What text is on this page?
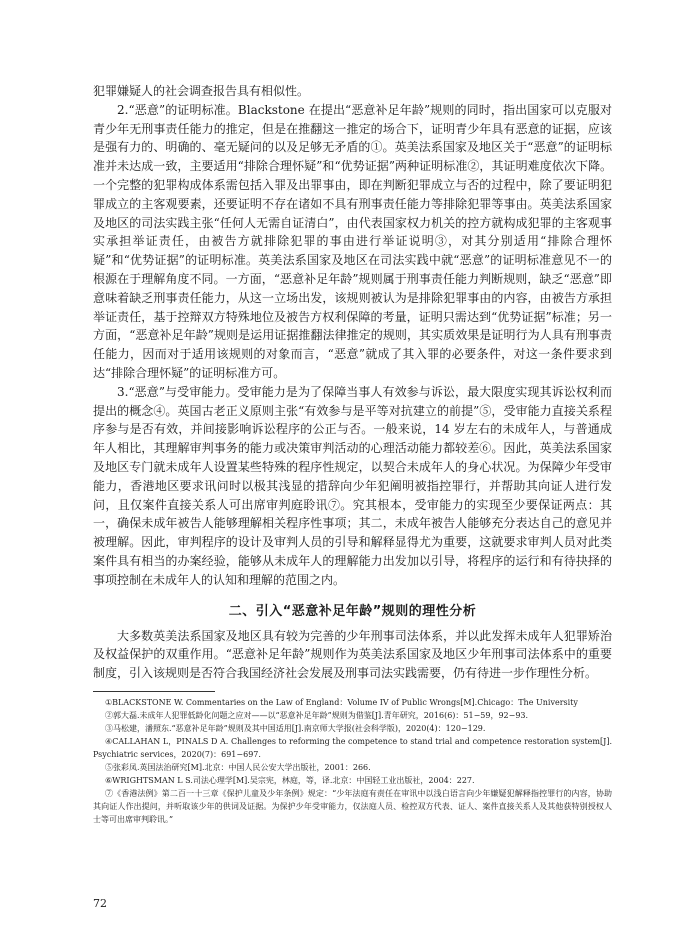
犯罪嫌疑人的社会调查报告具有相似性。

2.“恶意”的证明标准。Blackstone 在提出“恶意补足年龄”规则的同时，指出国家可以克服对青少年无刑事责任能力的推定，但是在推翻这一推定的场合下，证明青少年具有恶意的证据，应该是强有力的、明确的、毫无疑问的以及足够无矛盾的①。英美法系国家及地区关于“恶意”的证明标准并未达成一致，主要适用“排除合理怀疑”和“优势证据”两种证明标准②，其证明难度依次下降。一个完整的犯罪构成体系需包括入罪及出罪事由，即在判断犯罪成立与否的过程中，除了要证明犯罪成立的主客观要素，还要证明不存在诸如不具有刑事责任能力等排除犯罪等事由。英美法系国家及地区的司法实践主张“任何人无需自证清白”，由代表国家权力机关的控方就构成犯罪的主客观事实承担举证责任，由被告方就排除犯罪的事由进行举证说明③，对其分别适用“排除合理怀疑”和“优势证据”的证明标准。英美法系国家及地区在司法实践中就“恶意”的证明标准意见不一的根源在于理解角度不同。一方面，“恶意补足年龄”规则属于刑事责任能力判断规则，缺乏“恶意”即意味着缺乏刑事责任能力，从这一立场出发，该规则被认为是排除犯罪事由的内容，由被告方承担举证责任，基于控辩双方特殊地位及被告方权利保障的考量，证明只需达到“优势证据”标准；另一方面，“恶意补足年龄”规则是运用证据推翻法律推定的规则，其实质效果是证明行为人具有刑事责任能力，因而对于适用该规则的对象而言，“恶意”就成了其入罪的必要条件，对这一条件要求到达“排除合理怀疑”的证明标准方可。

3.“恶意”与受审能力。受审能力是为了保障当事人有效参与诉讼，最大限度实现其诉讼权利而提出的概念④。英国古老正义原则主张“有效参与是平等对抗建立的前提”⑤，受审能力直接关系程序参与是否有效，并间接影响诉讼程序的公正与否。一般来说，14 岁左右的未成年人，与普通成年人相比，其理解审判事务的能力或决策审判活动的心理活动能力都较差⑥。因此，英美法系国家及地区专门就未成年人设置某些特殊的程序性规定，以契合未成年人的身心状况。为保障少年受审能力，香港地区要求讯问时以极其浅显的措辞向少年犯阐明被指控罪行，并帮助其向证人进行发问，且仅案件直接关系人可出席审判庭聆讯⑦。究其根本，受审能力的实现至少要保证两点：其一，确保未成年被告人能够理解相关程序性事项；其二，未成年被告人能够充分表达自己的意见并被理解。因此，审判程序的设计及审判人员的引导和解释显得尤为重要，这就要求审判人员对此类案件具有相当的办案经验，能够从未成年人的理解能力出发加以引导，将程序的运行和有待抉择的事项控制在未成年人的认知和理解的范围之内。

二、引入“恶意补足年龄”规则的理性分析

大多数英美法系国家及地区具有较为完善的少年刑事司法体系，并以此发挥未成年人犯罪矫治及权益保护的双重作用。“恶意补足年龄”规则作为英美法系国家及地区少年刑事司法体系中的重要制度，引入该规则是否符合我国经济社会发展及刑事司法实践需要，仍有待进一步作理性分析。

①BLACKSTONE W. Commentaries on the Law of England：Volume IV of Public Wrongs[M].Chicago：The University

②郭大磊.未成年人犯罪低龄化问题之应对——以“恶意补足年龄”规则为借鉴[J].青年研究，2016(6)：51−59，92−93.

③马松建，潘照东.“恶意补足年龄”规则及其中国适用[J].南京师大学报(社会科学版)，2020(4)：120−129.

④CALLAHAN L，PINALS D A. Challenges to reforming the competence to stand trial and competence restoration system[J]. Psychiatric services，2020(7)：691−697.

⑤张彩凤.英国法治研究[M].北京：中国人民公安大学出版社，2001：266.

⑥WRIGHTSMAN L S.司法心理学[M].吴宗宪，林庭，等，译.北京：中国轻工业出版社，2004：227.

⑦《香港法例》第二百一十三章《保护儿童及少年条例》规定：“少年法庭有责任在审讯中以浅白语言向少年嫌疑犯解释指控罪行的内容，协助其向证人作出提问，并听取该少年的供词及证据。为保护少年受审能力，仅法庭人员、检控双方代表、证人、案件直接关系人及其他获特别授权人士等可出席审判聆讯。”

72
